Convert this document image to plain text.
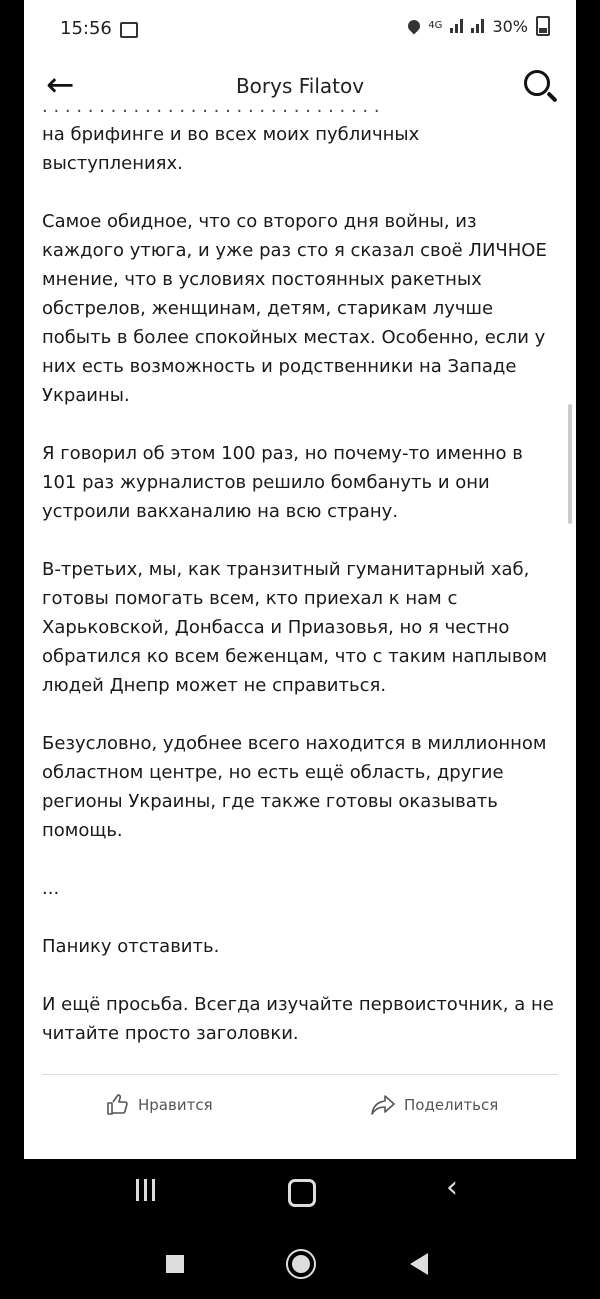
15:56	4G	30%
←	Borys Filatov
· · · · · · · · · · · · · · · · · · · · · · · · · · · · · ·

на брифинге и во всех моих публичных выступлениях.

Самое обидное, что со второго дня войны, из каждого утюга, и уже раз сто я сказал своё ЛИЧНОЕ мнение, что в условиях постоянных ракетных обстрелов, женщинам, детям, старикам лучше побыть в более спокойных местах. Особенно, если у них есть возможность и родственники на Западе Украины.

Я говорил об этом 100 раз, но почему-то именно в 101 раз журналистов решило бомбануть и они устроили вакханалию на всю страну.

В-третьих, мы, как транзитный гуманитарный хаб, готовы помогать всем, кто приехал к нам с Харьковской, Донбасса и Приазовья, но я честно обратился ко всем беженцам, что с таким наплывом людей Днепр может не справиться.

Безусловно, удобнее всего находится в миллионном областном центре, но есть ещё область, другие регионы Украины, где также готовы оказывать помощь.

...

Панику отставить.

И ещё просьба. Всегда изучайте первоисточник, а не читайте просто заголовки.

Нравится	Поделиться
‹
